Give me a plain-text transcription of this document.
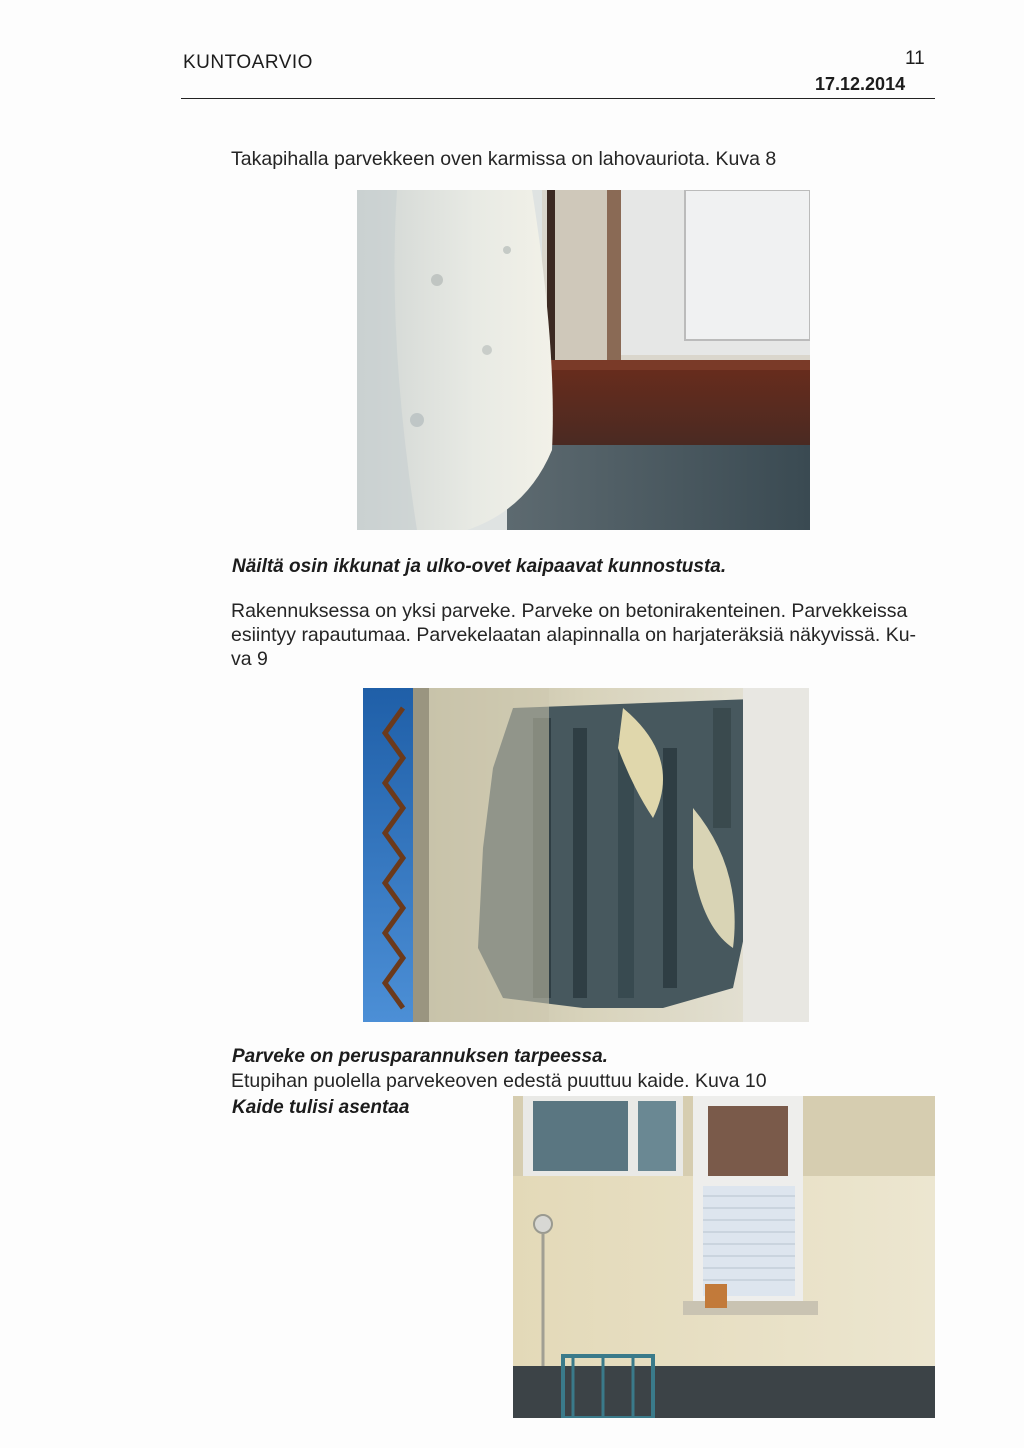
KUNTOARVIO	11
17.12.2014
Takapihalla parvekkeen oven karmissa on lahovauriota. Kuva 8
Näiltä osin ikkunat ja ulko-ovet kaipaavat kunnostusta.
Rakennuksessa on yksi parveke. Parveke on betonirakenteinen. Parvekkeissa
esiintyy rapautumaa. Parvekelaatan alapinnalla on harjateräksiä näkyvissä. Ku-
va 9
Parveke on perusparannuksen tarpeessa.
Etupihan puolella parvekeoven edestä puuttuu kaide. Kuva 10
Kaide tulisi asentaa
